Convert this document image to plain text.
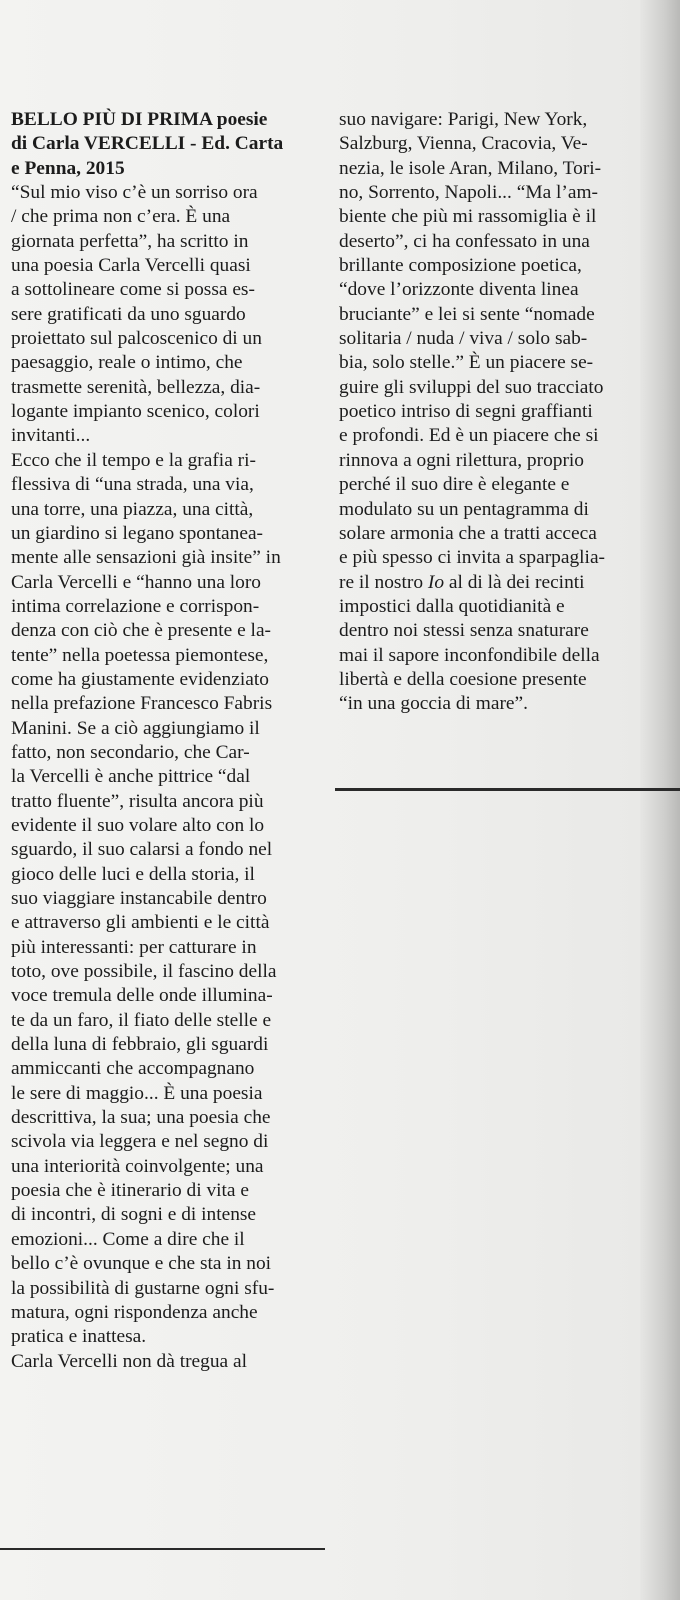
BELLO PIÙ DI PRIMA poesie
di Carla VERCELLI - Ed. Carta
e Penna, 2015
“Sul mio viso c’è un sorriso ora
/ che prima non c’era. È una
giornata perfetta”, ha scritto in
una poesia Carla Vercelli quasi
a sottolineare come si possa es-
sere gratificati da uno sguardo
proiettato sul palcoscenico di un
paesaggio, reale o intimo, che
trasmette serenità, bellezza, dia-
logante impianto scenico, colori
invitanti...
Ecco che il tempo e la grafia ri-
flessiva di “una strada, una via,
una torre, una piazza, una città,
un giardino si legano spontanea-
mente alle sensazioni già insite” in
Carla Vercelli e “hanno una loro
intima correlazione e corrispon-
denza con ciò che è presente e la-
tente” nella poetessa piemontese,
come ha giustamente evidenziato
nella prefazione Francesco Fabris
Manini. Se a ciò aggiungiamo il
fatto, non secondario, che Car-
la Vercelli è anche pittrice “dal
tratto fluente”, risulta ancora più
evidente il suo volare alto con lo
sguardo, il suo calarsi a fondo nel
gioco delle luci e della storia, il
suo viaggiare instancabile dentro
e attraverso gli ambienti e le città
più interessanti: per catturare in
toto, ove possibile, il fascino della
voce tremula delle onde illumina-
te da un faro, il fiato delle stelle e
della luna di febbraio, gli sguardi
ammiccanti che accompagnano
le sere di maggio... È una poesia
descrittiva, la sua; una poesia che
scivola via leggera e nel segno di
una interiorità coinvolgente; una
poesia che è itinerario di vita e
di incontri, di sogni e di intense
emozioni... Come a dire che il
bello c’è ovunque e che sta in noi
la possibilità di gustarne ogni sfu-
matura, ogni rispondenza anche
pratica e inattesa.
Carla Vercelli non dà tregua al
suo navigare: Parigi, New York,
Salzburg, Vienna, Cracovia, Ve-
nezia, le isole Aran, Milano, Tori-
no, Sorrento, Napoli... “Ma l’am-
biente che più mi rassomiglia è il
deserto”, ci ha confessato in una
brillante composizione poetica,
“dove l’orizzonte diventa linea
bruciante” e lei si sente “nomade
solitaria / nuda / viva / solo sab-
bia, solo stelle.” È un piacere se-
guire gli sviluppi del suo tracciato
poetico intriso di segni graffianti
e profondi. Ed è un piacere che si
rinnova a ogni rilettura, proprio
perché il suo dire è elegante e
modulato su un pentagramma di
solare armonia che a tratti acceca
e più spesso ci invita a sparpaglia-
re il nostro Io al di là dei recinti
impostici dalla quotidianità e
dentro noi stessi senza snaturare
mai il sapore inconfondibile della
libertà e della coesione presente
“in una goccia di mare”.
